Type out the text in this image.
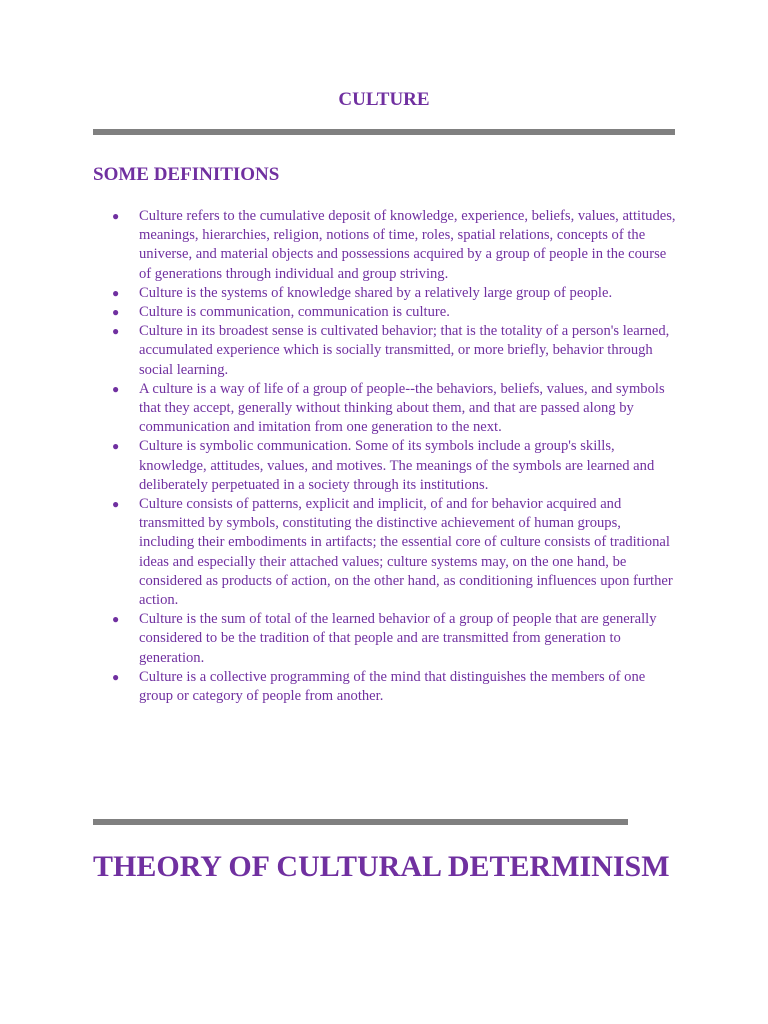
CULTURE
SOME DEFINITIONS
●	Culture refers to the cumulative deposit of knowledge, experience, beliefs, values, attitudes, meanings, hierarchies, religion, notions of time, roles, spatial relations, concepts of the universe, and material objects and possessions acquired by a group of people in the course of generations through individual and group striving.
●	Culture is the systems of knowledge shared by a relatively large group of people.
●	Culture is communication, communication is culture.
●	Culture in its broadest sense is cultivated behavior; that is the totality of a person's learned, accumulated experience which is socially transmitted, or more briefly, behavior through social learning.
●	A culture is a way of life of a group of people--the behaviors, beliefs, values, and symbols that they accept, generally without thinking about them, and that are passed along by communication and imitation from one generation to the next.
●	Culture is symbolic communication. Some of its symbols include a group's skills, knowledge, attitudes, values, and motives. The meanings of the symbols are learned and deliberately perpetuated in a society through its institutions.
●	Culture consists of patterns, explicit and implicit, of and for behavior acquired and transmitted by symbols, constituting the distinctive achievement of human groups, including their embodiments in artifacts; the essential core of culture consists of traditional ideas and especially their attached values; culture systems may, on the one hand, be considered as products of action, on the other hand, as conditioning influences upon further action.
●	Culture is the sum of total of the learned behavior of a group of people that are generally considered to be the tradition of that people and are transmitted from generation to generation.
●	Culture is a collective programming of the mind that distinguishes the members of one group or category of people from another.
THEORY OF CULTURAL DETERMINISM
